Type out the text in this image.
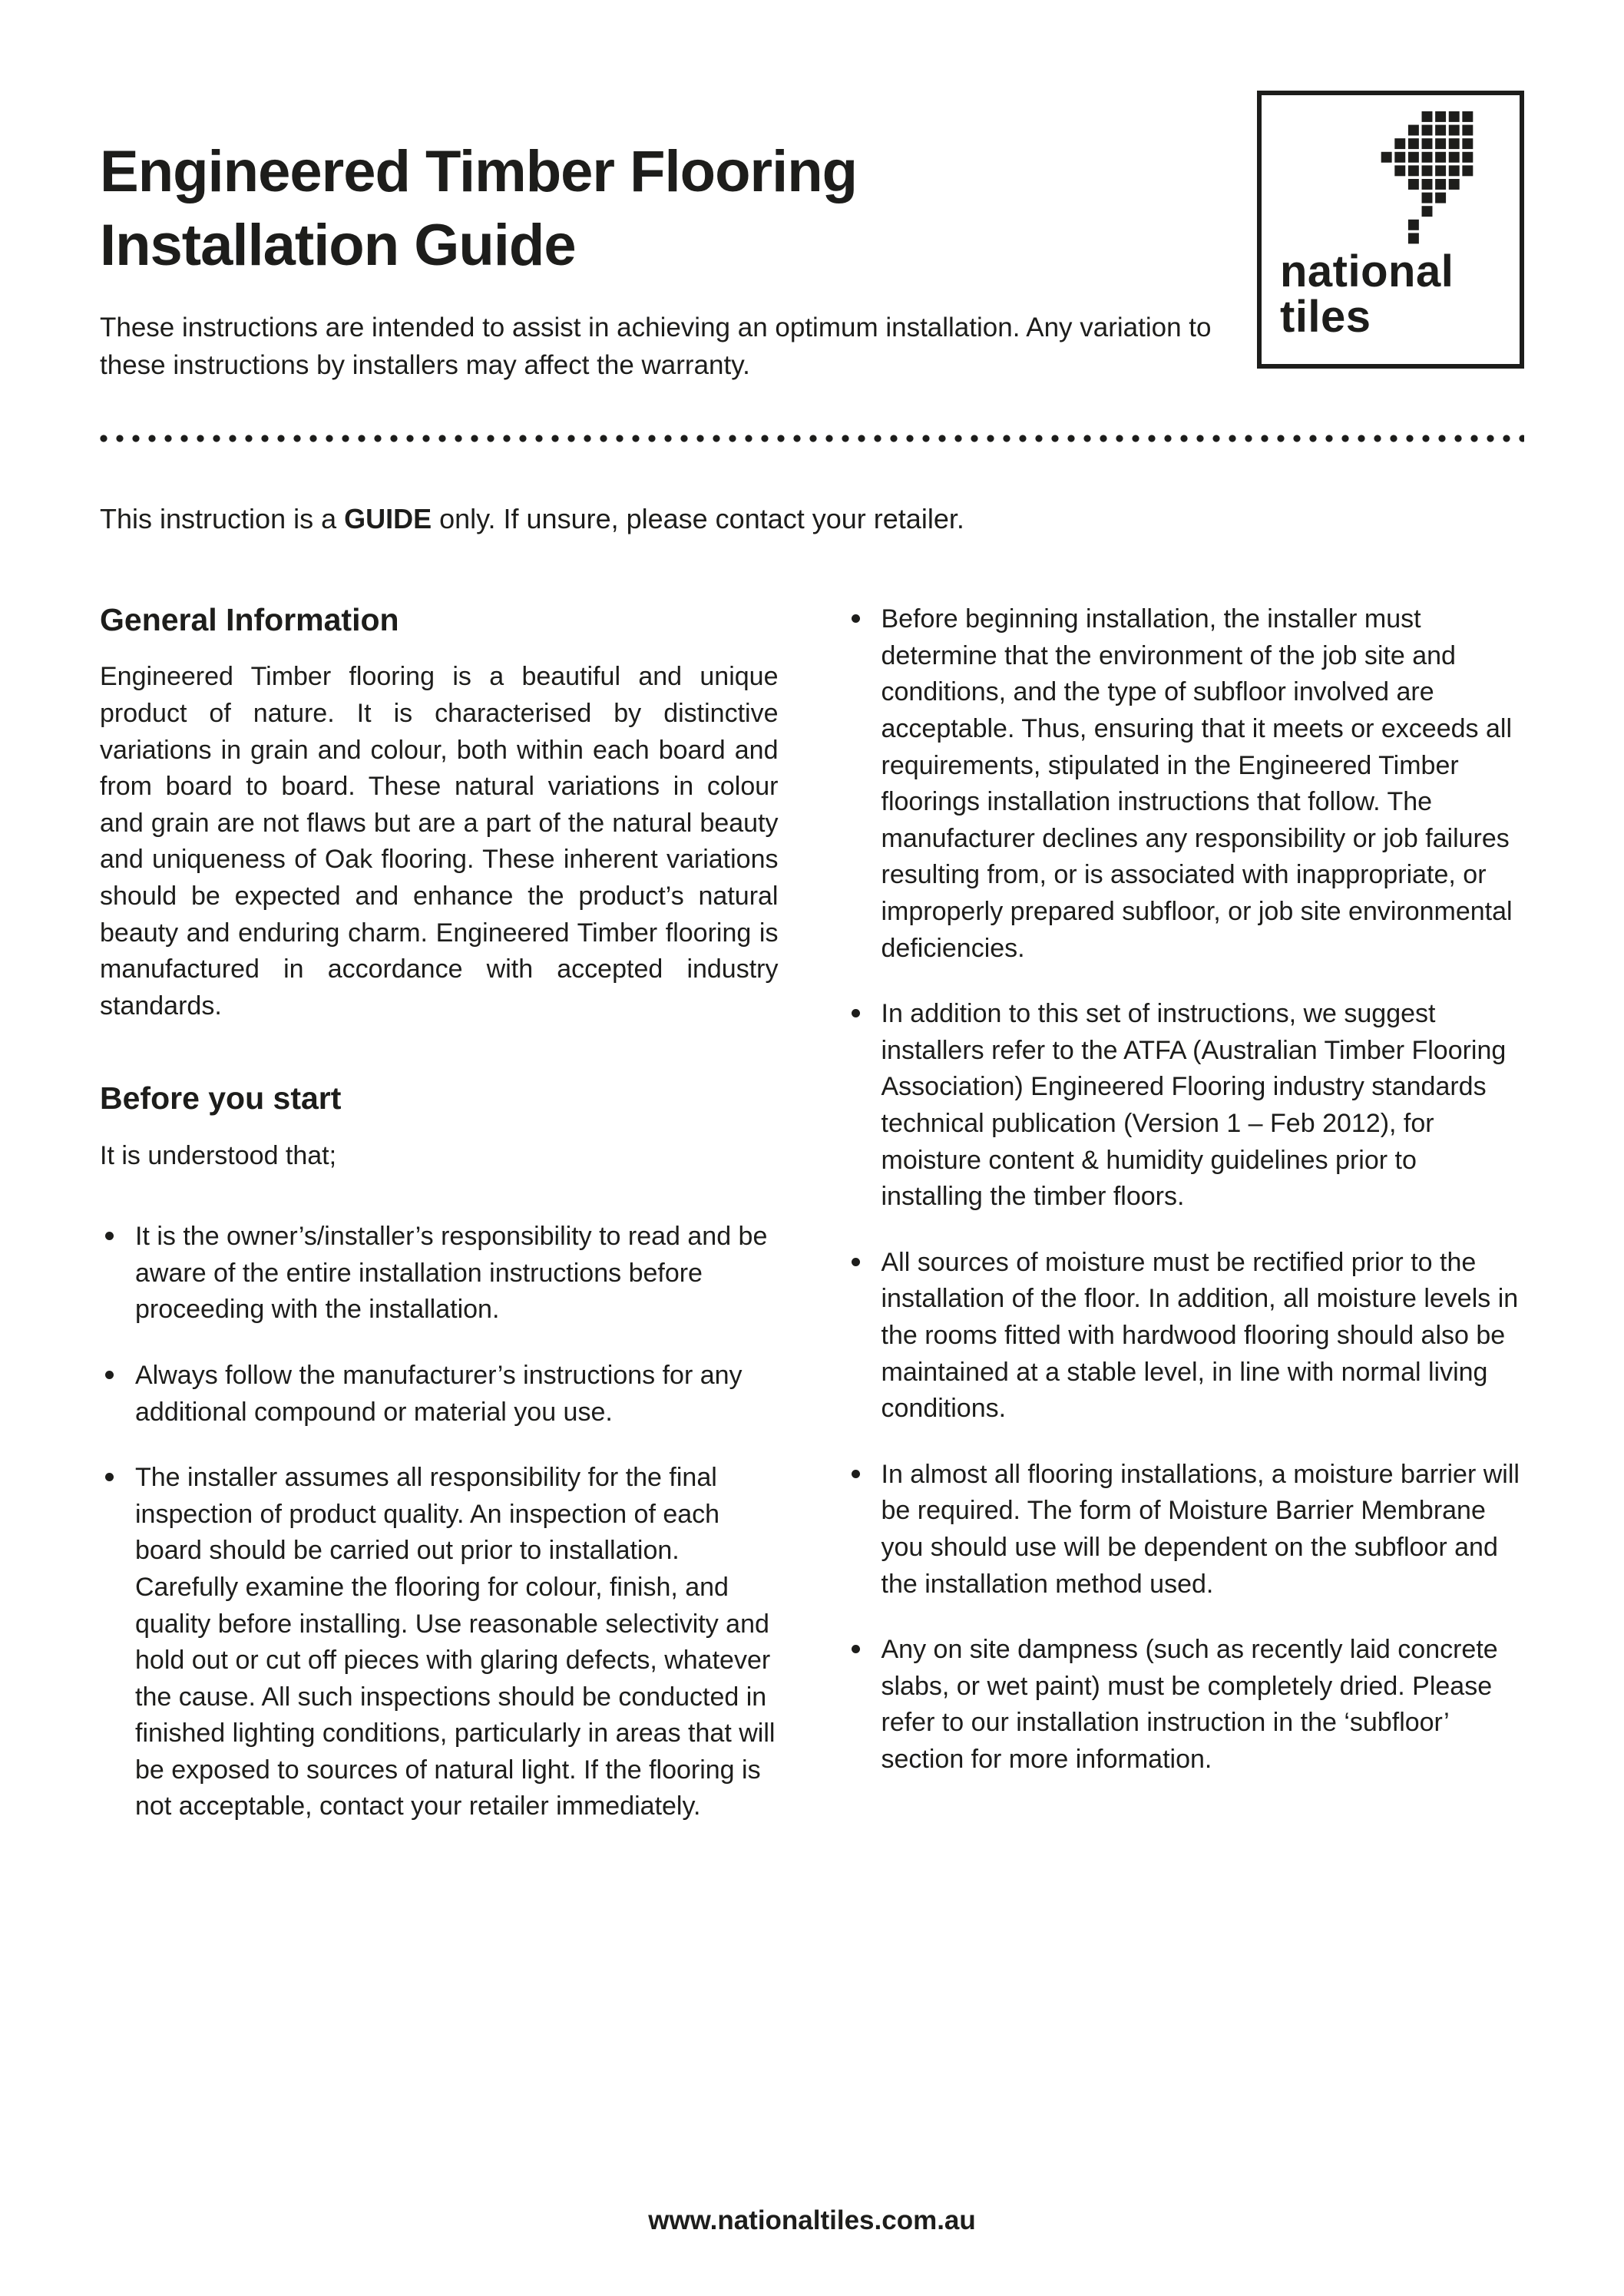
Engineered Timber Flooring
Installation Guide

These instructions are intended to assist in achieving an optimum installation. Any variation to these instructions by installers may affect the warranty.

national
tiles

This instruction is a GUIDE only. If unsure, please contact your retailer.

General Information

Engineered Timber flooring is a beautiful and unique product of nature. It is characterised by distinctive variations in grain and colour, both within each board and from board to board. These natural variations in colour and grain are not flaws but are a part of the natural beauty and uniqueness of Oak flooring. These inherent variations should be expected and enhance the product’s natural beauty and enduring charm. Engineered Timber flooring is manufactured in accordance with accepted industry standards.

Before you start

It is understood that;

It is the owner’s/installer’s responsibility to read and be aware of the entire installation instructions before proceeding with the installation.
Always follow the manufacturer’s instructions for any additional compound or material you use.
The installer assumes all responsibility for the final inspection of product quality. An inspection of each board should be carried out prior to installation. Carefully examine the flooring for colour, finish, and quality before installing. Use reasonable selectivity and hold out or cut off pieces with glaring defects, whatever the cause. All such inspections should be conducted in finished lighting conditions, particularly in areas that will be exposed to sources of natural light. If the flooring is not acceptable, contact your retailer immediately.
Before beginning installation, the installer must determine that the environment of the job site and conditions, and the type of subfloor involved are acceptable. Thus, ensuring that it meets or exceeds all requirements, stipulated in the Engineered Timber floorings installation instructions that follow. The manufacturer declines any responsibility or job failures resulting from, or is associated with inappropriate, or improperly prepared subfloor, or job site environmental deficiencies.
In addition to this set of instructions, we suggest installers refer to the ATFA (Australian Timber Flooring Association) Engineered Flooring industry standards technical publication (Version 1 – Feb 2012), for moisture content & humidity guidelines prior to installing the timber floors.
All sources of moisture must be rectified prior to the installation of the floor. In addition, all moisture levels in the rooms fitted with hardwood flooring should also be maintained at a stable level, in line with normal living conditions.
In almost all flooring installations, a moisture barrier will be required. The form of Moisture Barrier Membrane you should use will be dependent on the subfloor and the installation method used.
Any on site dampness (such as recently laid concrete slabs, or wet paint) must be completely dried. Please refer to our installation instruction in the ‘subfloor’ section for more information.
www.nationaltiles.com.au
